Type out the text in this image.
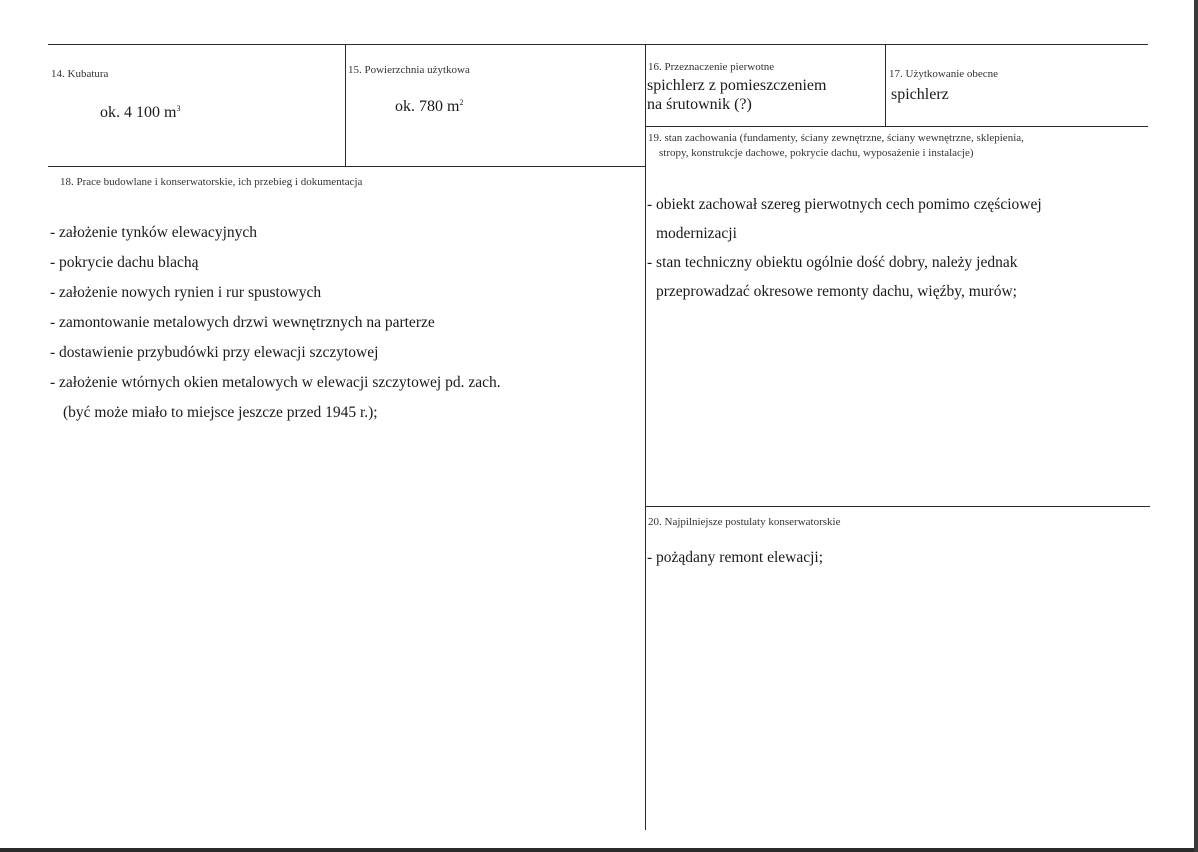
14. Kubatura
ok. 4 100 $m^3$
15. Powierzchnia użytkowa
ok. 780 $m^2$
16. Przeznaczenie pierwotne
spichlerz z pomieszczeniem
na śrutownik (?)
17. Użytkowanie obecne
spichlerz
19. stan zachowania (fundamenty, ściany zewnętrzne, ściany wewnętrzne, sklepienia,
stropy, konstrukcje dachowe, pokrycie dachu, wyposażenie i instalacje)
- obiekt zachował szereg pierwotnych cech pomimo częściowej
modernizacji
- stan techniczny obiektu ogólnie dość dobry, należy jednak
przeprowadzać okresowe remonty dachu, więźby, murów;
18. Prace budowlane i konserwatorskie, ich przebieg i dokumentacja
- założenie tynków elewacyjnych
- pokrycie dachu blachą
- założenie nowych rynien i rur spustowych
- zamontowanie metalowych drzwi wewnętrznych na parterze
- dostawienie przybudówki przy elewacji szczytowej
- założenie wtórnych okien metalowych w elewacji szczytowej pd. zach.
(być może miało to miejsce jeszcze przed 1945 r.);
20. Najpilniejsze postulaty konserwatorskie
- pożądany remont elewacji;
